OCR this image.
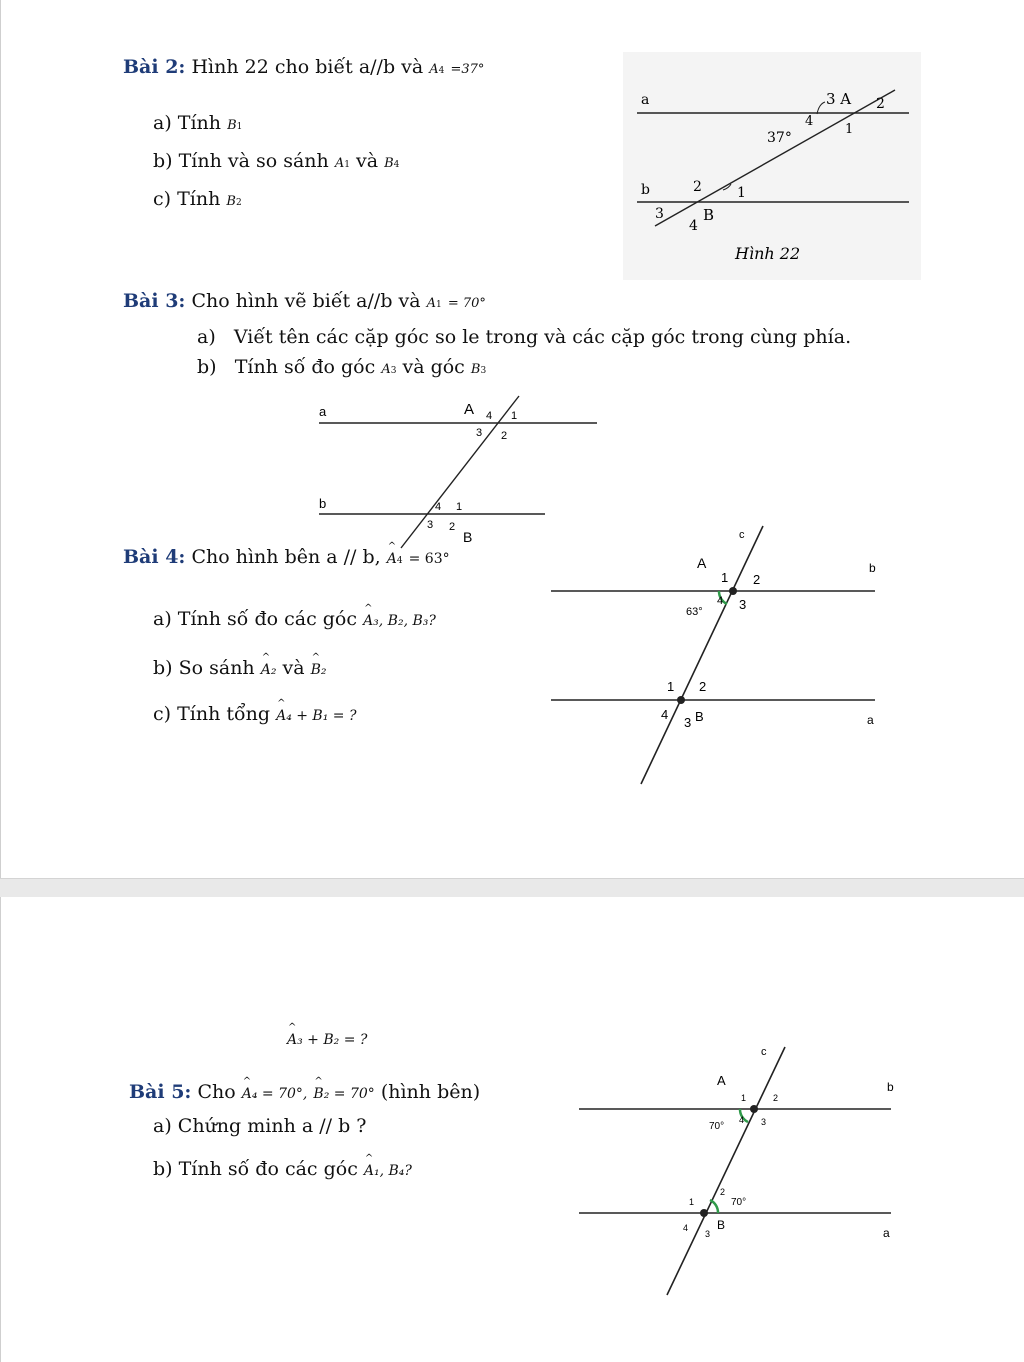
Bài 2: Hình 22 cho biết a//b và A4 =37°
a) Tính B1
b) Tính và so sánh A1 và B4
c) Tính B2
a
b
3 A 2
4
1
37°
2	1
3
4
B
Hình 22
Bài 3: Cho hình vẽ biết a//b và A1 = 70°
a) Viết tên các cặp góc so le trong và các cặp góc trong cùng phía.
b) Tính số đo góc A3 và góc B3
a
b
A 4 1
3 2
4 1
3 2
B
Bài 4: Cho hình bên a // b, ^ A4 = 63°
a) Tính số đo các góc ^ A₃, B₂, B₃?
b) So sánh ^ A₂ và ^ B₂
c) Tính tổng ^ A₄ + B₁ = ?
c
b
a
A
1 2
4 3
63°
1 2
4
3 B
^ A₃ + B₂ = ?
Bài 5: Cho ^ A₄ = 70°, ^ B₂ = 70° (hình bên)
a) Chứng minh a // b ?
b) Tính số đo các góc ^ A₁, B₄?
c
b
a
A
1	2
4 3
70°
1
2
70°
4
3
B
